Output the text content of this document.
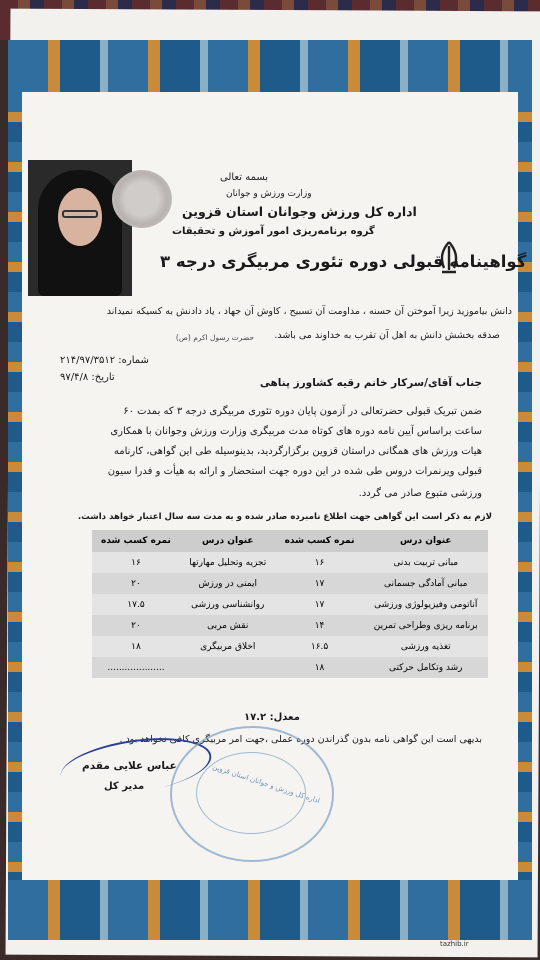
بسمه تعالی
وزارت ورزش و جوانان
اداره کل ورزش وجوانان استان قزوین
گروه برنامه‌ریزی امور آموزش و تحقیقات
گواهینامه قبولی دوره تئوری مربیگری درجه ۳
دانش بیاموزید زیرا آموختن آن حسنه ، مداومت آن تسبیح ، کاوش آن جهاد ، یاد دادنش به کسیکه نمیداند
صدقه بخشش دانش به اهل آن تقرب به خداوند می باشد.
حضرت رسول اکرم (ص)
شماره: ۲۱۴/۹۷/۳۵۱۲
تاریخ: ۹۷/۴/۸	جناب آقای/سرکار خانم رقیه کشاورز پناهی
ضمن تبریک قبولی حضرتعالی در آزمون پایان دوره تئوری مربیگری درجه ۳ که بمدت ۶۰
ساعت براساس آیین نامه دوره های کوتاه مدت مربیگری وزارت ورزش وجوانان با همکاری
هیات ورزش های همگانی دراستان قزوین برگزارگردید، بدینوسیله طی این گواهی، کارنامه
قبولی ویرنمرات دروس طی شده در این دوره جهت استحضار و ارائه به هیأت و فدرا سیون
ورزشی متبوع صادر می گردد.
لازم به ذکر است این گواهی جهت اطلاع نامبرده صادر شده و به مدت سه سال اعتبار خواهد داشت.
عنوان درس	نمره کسب شده	عنوان درس	نمره کسب شده
مبانی تربیت بدنی	۱۶	تجزیه وتحلیل مهارتها	۱۶
مبانی آمادگی جسمانی	۱۷	ایمنی در ورزش	۲۰
آناتومی وفیزیولوژی ورزشی	۱۷	روانشناسی ورزشی	۱۷.۵
برنامه ریزی وطراحی تمرین	۱۴	نقش مربی	۲۰
تغذیه ورزشی	۱۶.۵	اخلاق مربیگری	۱۸
رشد وتکامل حرکتی	۱۸		....................
معدل: ۱۷.۲
بدیهی است این گواهی نامه بدون گذراندن دوره عملی ،جهت امر مربیگری کافی نخواهد بود .
عباس علایی مقدم
مدیر کل	اداره کل ورزش و جوانان استان قزوین
tazhib.ir
